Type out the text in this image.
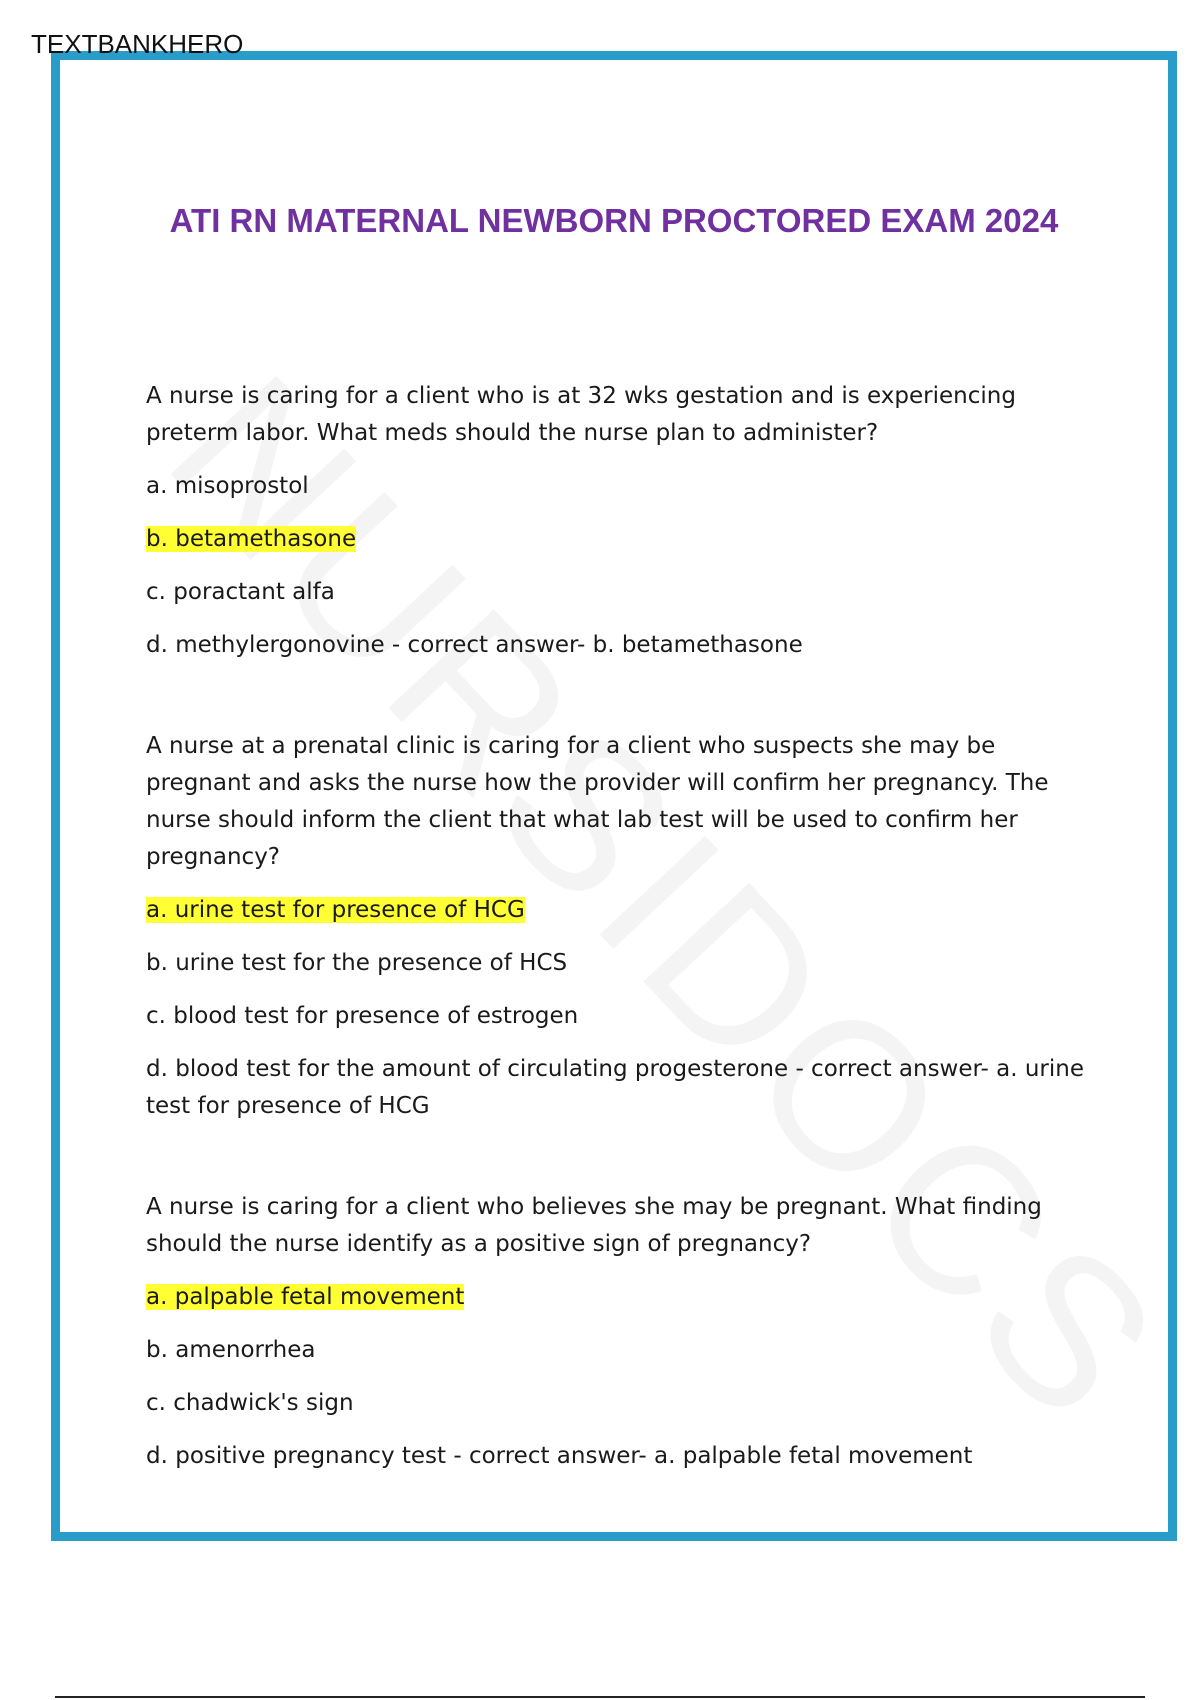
TEXTBANKHERO
ATI RN MATERNAL NEWBORN PROCTORED EXAM 2024

A nurse is caring for a client who is at 32 wks gestation and is experiencing preterm labor. What meds should the nurse plan to administer?

a. misoprostol

b. betamethasone

c. poractant alfa

d. methylergonovine - correct answer- b. betamethasone

A nurse at a prenatal clinic is caring for a client who suspects she may be pregnant and asks the nurse how the provider will confirm her pregnancy. The nurse should inform the client that what lab test will be used to confirm her pregnancy?

a. urine test for presence of HCG

b. urine test for the presence of HCS

c. blood test for presence of estrogen

d. blood test for the amount of circulating progesterone - correct answer- a. urine test for presence of HCG

A nurse is caring for a client who believes she may be pregnant. What finding should the nurse identify as a positive sign of pregnancy?

a. palpable fetal movement

b. amenorrhea

c. chadwick's sign

d. positive pregnancy test - correct answer- a. palpable fetal movement
